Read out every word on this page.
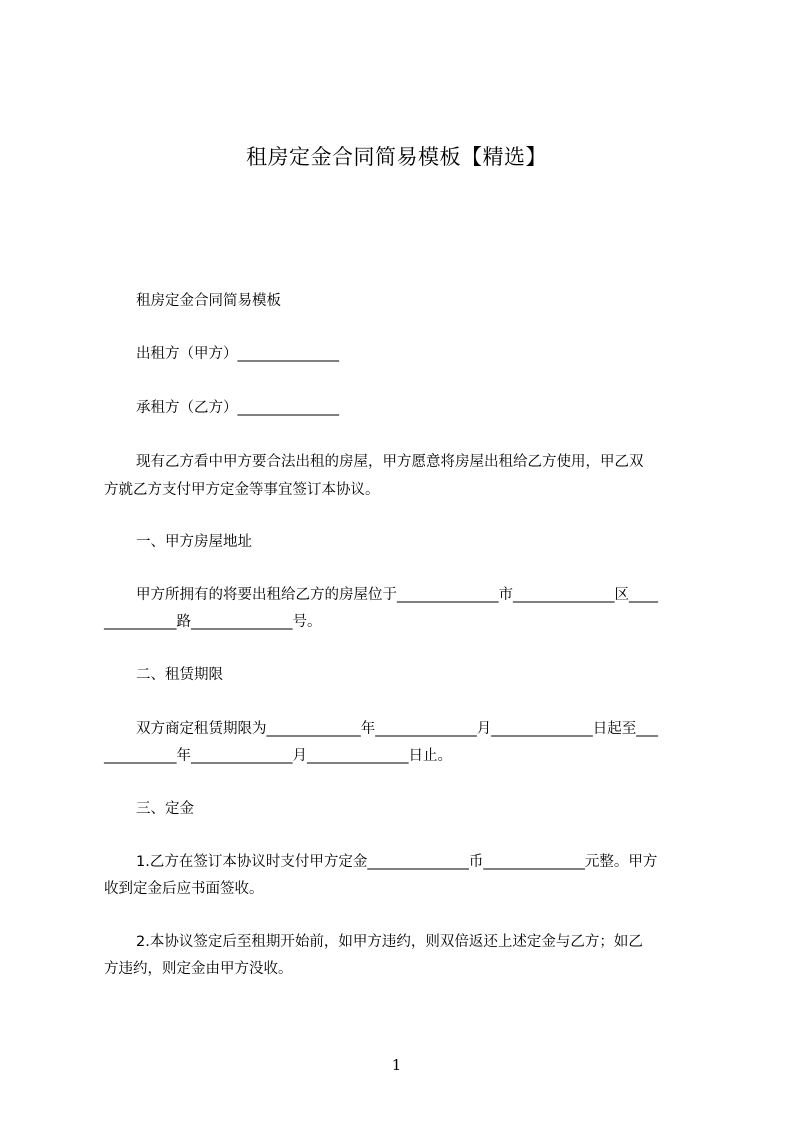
租房定金合同简易模板【精选】
租房定金合同简易模板
出租方（甲方）______________
承租方（乙方）______________
现有乙方看中甲方要合法出租的房屋，甲方愿意将房屋出租给乙方使用，甲乙双
方就乙方支付甲方定金等事宜签订本协议。
一、甲方房屋地址
甲方所拥有的将要出租给乙方的房屋位于______________市______________区____
__________路______________号。
二、租赁期限
双方商定租赁期限为_____________年______________月______________日起至___
__________年______________月______________日止。
三、定金
1.乙方在签订本协议时支付甲方定金______________币______________元整。甲方
收到定金后应书面签收。
2.本协议签定后至租期开始前，如甲方违约，则双倍返还上述定金与乙方；如乙
方违约，则定金由甲方没收。
1
